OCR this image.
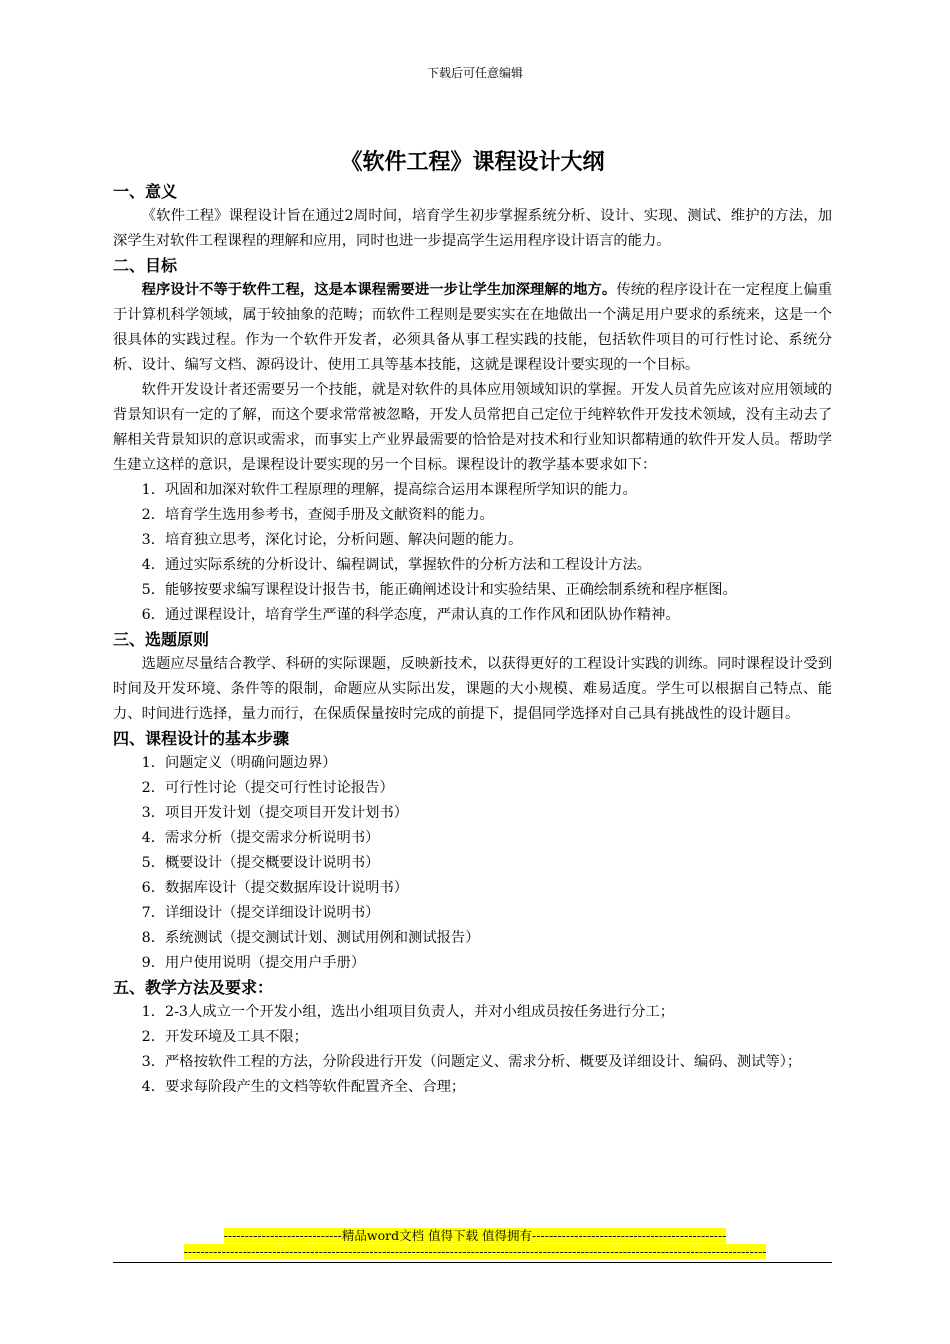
下载后可任意编辑
《软件工程》课程设计大纲
一、意义

《软件工程》课程设计旨在通过2周时间，培育学生初步掌握系统分析、设计、实现、测试、维护的方法，加深学生对软件工程课程的理解和应用，同时也进一步提高学生运用程序设计语言的能力。

二、目标

程序设计不等于软件工程，这是本课程需要进一步让学生加深理解的地方。传统的程序设计在一定程度上偏重于计算机科学领域，属于较抽象的范畴；而软件工程则是要实实在在地做出一个满足用户要求的系统来，这是一个很具体的实践过程。作为一个软件开发者，必须具备从事工程实践的技能，包括软件项目的可行性讨论、系统分析、设计、编写文档、源码设计、使用工具等基本技能，这就是课程设计要实现的一个目标。

软件开发设计者还需要另一个技能，就是对软件的具体应用领域知识的掌握。开发人员首先应该对应用领域的背景知识有一定的了解，而这个要求常常被忽略，开发人员常把自己定位于纯粹软件开发技术领域，没有主动去了解相关背景知识的意识或需求，而事实上产业界最需要的恰恰是对技术和行业知识都精通的软件开发人员。帮助学生建立这样的意识，是课程设计要实现的另一个目标。课程设计的教学基本要求如下：

1．巩固和加深对软件工程原理的理解，提高综合运用本课程所学知识的能力。
2．培育学生选用参考书，查阅手册及文献资料的能力。
3．培育独立思考，深化讨论，分析问题、解决问题的能力。
4．通过实际系统的分析设计、编程调试，掌握软件的分析方法和工程设计方法。
5．能够按要求编写课程设计报告书，能正确阐述设计和实验结果、正确绘制系统和程序框图。
6．通过课程设计，培育学生严谨的科学态度，严肃认真的工作作风和团队协作精神。
三、选题原则

选题应尽量结合教学、科研的实际课题，反映新技术，以获得更好的工程设计实践的训练。同时课程设计受到时间及开发环境、条件等的限制，命题应从实际出发，课题的大小规模、难易适度。学生可以根据自己特点、能力、时间进行选择，量力而行，在保质保量按时完成的前提下，提倡同学选择对自己具有挑战性的设计题目。

四、课程设计的基本步骤
1．问题定义（明确问题边界）
2．可行性讨论（提交可行性讨论报告）
3．项目开发计划（提交项目开发计划书）
4．需求分析（提交需求分析说明书）
5．概要设计（提交概要设计说明书）
6．数据库设计（提交数据库设计说明书）
7．详细设计（提交详细设计说明书）
8．系统测试（提交测试计划、测试用例和测试报告）
9．用户使用说明（提交用户手册）
五、教学方法及要求：
1．2-3人成立一个开发小组，选出小组项目负责人，并对小组成员按任务进行分工；
2．开发环境及工具不限；
3．严格按软件工程的方法，分阶段进行开发（问题定义、需求分析、概要及详细设计、编码、测试等）；
4．要求每阶段产生的文档等软件配置齐全、合理；
----------------------------精品word文档 值得下载 值得拥有----------------------------------------------
------------------------------------------------------------------------------------------------------------------------------------------
